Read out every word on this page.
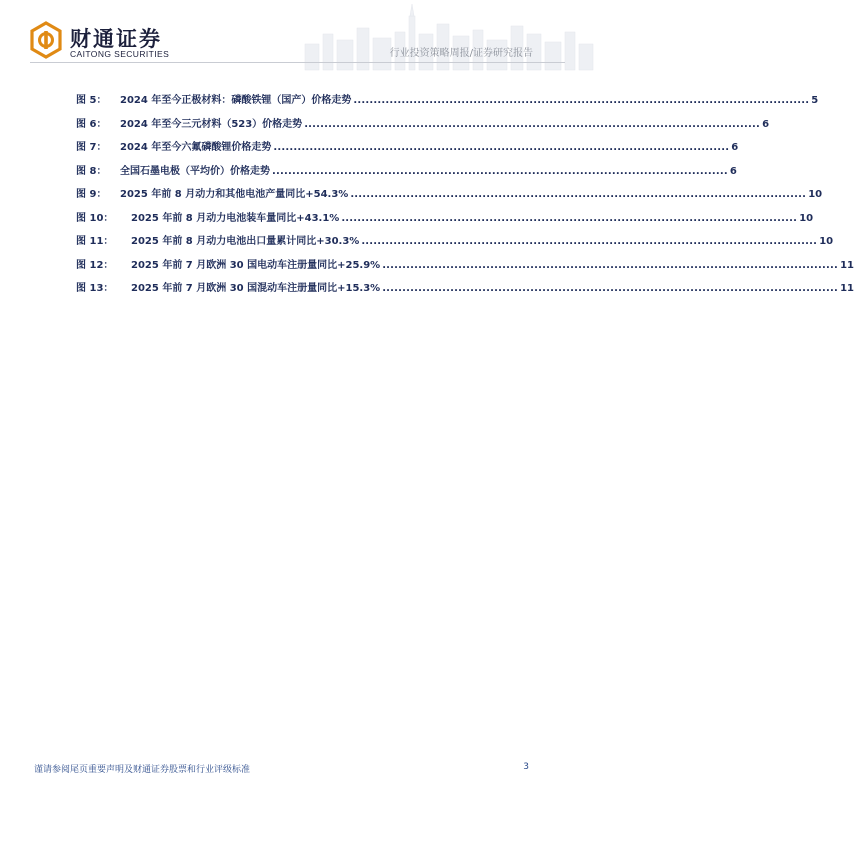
财通证券
CAITONG SECURITIES	行业投资策略周报/证券研究报告
图 5：	2024 年至今正极材料：磷酸铁锂（国产）价格走势 .................................................................................................................. 5
图 6：	2024 年至今三元材料（523）价格走势 .................................................................................................................. 6
图 7：	2024 年至今六氟磷酸锂价格走势 .................................................................................................................. 6
图 8：	全国石墨电极（平均价）价格走势 .................................................................................................................. 6
图 9：	2025 年前 8 月动力和其他电池产量同比+54.3% .................................................................................................................. 10
图 10：	2025 年前 8 月动力电池装车量同比+43.1% .................................................................................................................. 10
图 11：	2025 年前 8 月动力电池出口量累计同比+30.3% .................................................................................................................. 10
图 12：	2025 年前 7 月欧洲 30 国电动车注册量同比+25.9% .................................................................................................................. 11
图 13：	2025 年前 7 月欧洲 30 国混动车注册量同比+15.3% .................................................................................................................. 11
谨请参阅尾页重要声明及财通证券股票和行业评级标准	3
